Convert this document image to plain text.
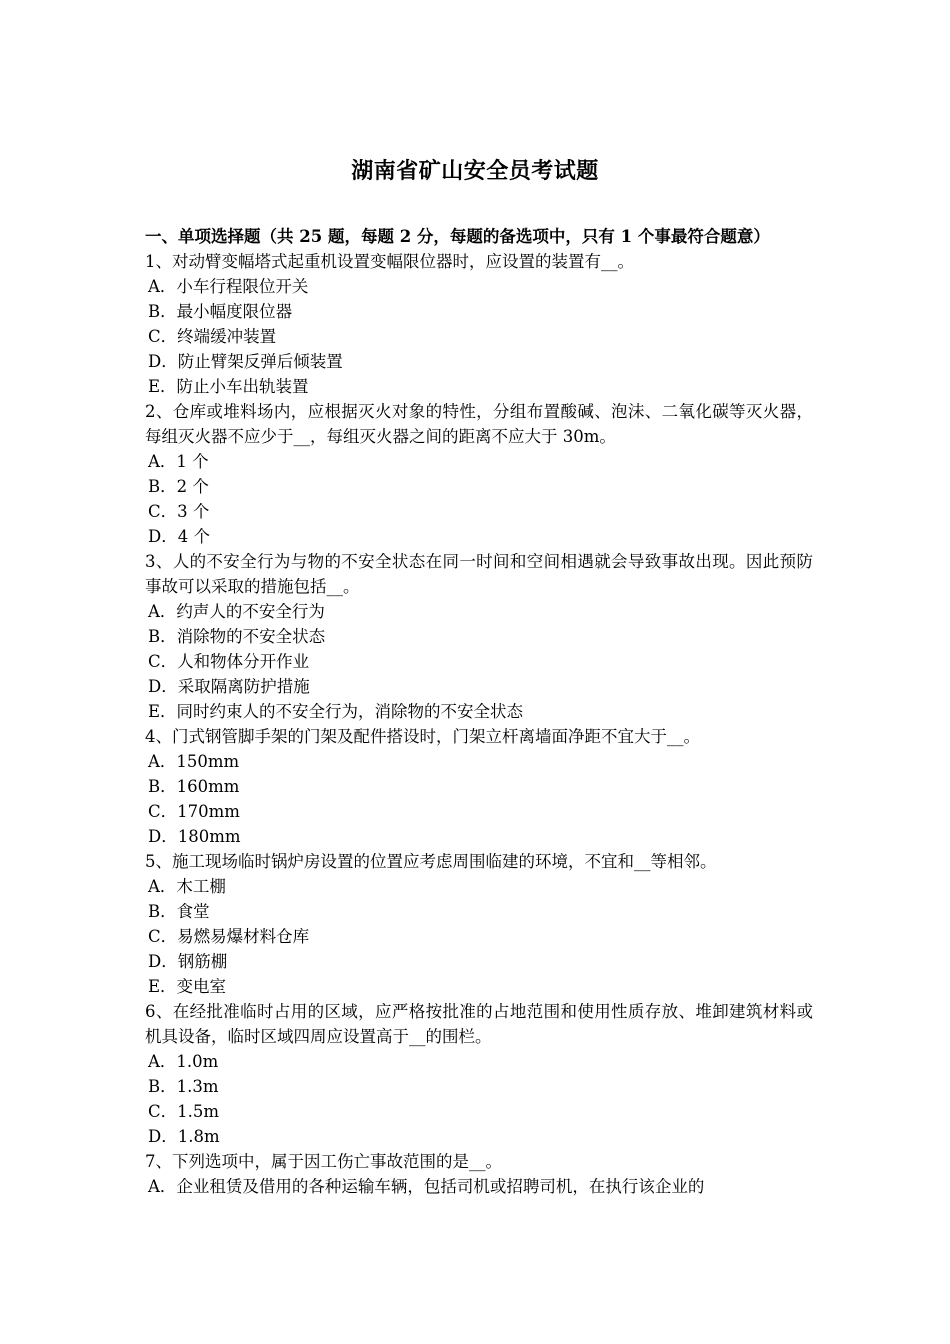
湖南省矿山安全员考试题

一、单项选择题（共 25 题，每题 2 分，每题的备选项中，只有 1 个事最符合题意）

1、对动臂变幅塔式起重机设置变幅限位器时，应设置的装置有__。

A．小车行程限位开关

B．最小幅度限位器

C．终端缓冲装置

D．防止臂架反弹后倾装置

E．防止小车出轨装置

2、仓库或堆料场内，应根据灭火对象的特性，分组布置酸碱、泡沫、二氧化碳等灭火器，每组灭火器不应少于__，每组灭火器之间的距离不应大于 30m。

A．1 个

B．2 个

C．3 个

D．4 个

3、人的不安全行为与物的不安全状态在同一时间和空间相遇就会导致事故出现。因此预防事故可以采取的措施包括__。

A．约声人的不安全行为

B．消除物的不安全状态

C．人和物体分开作业

D．采取隔离防护措施

E．同时约束人的不安全行为，消除物的不安全状态

4、门式钢管脚手架的门架及配件搭设时，门架立杆离墙面净距不宜大于__。

A．150mm

B．160mm

C．170mm

D．180mm

5、施工现场临时锅炉房设置的位置应考虑周围临建的环境，不宜和__等相邻。

A．木工棚

B．食堂

C．易燃易爆材料仓库

D．钢筋棚

E．变电室

6、在经批准临时占用的区域，应严格按批准的占地范围和使用性质存放、堆卸建筑材料或机具设备，临时区域四周应设置高于__的围栏。

A．1.0m

B．1.3m

C．1.5m

D．1.8m

7、下列选项中，属于因工伤亡事故范围的是__。

A．企业租赁及借用的各种运输车辆，包括司机或招聘司机，在执行该企业的
